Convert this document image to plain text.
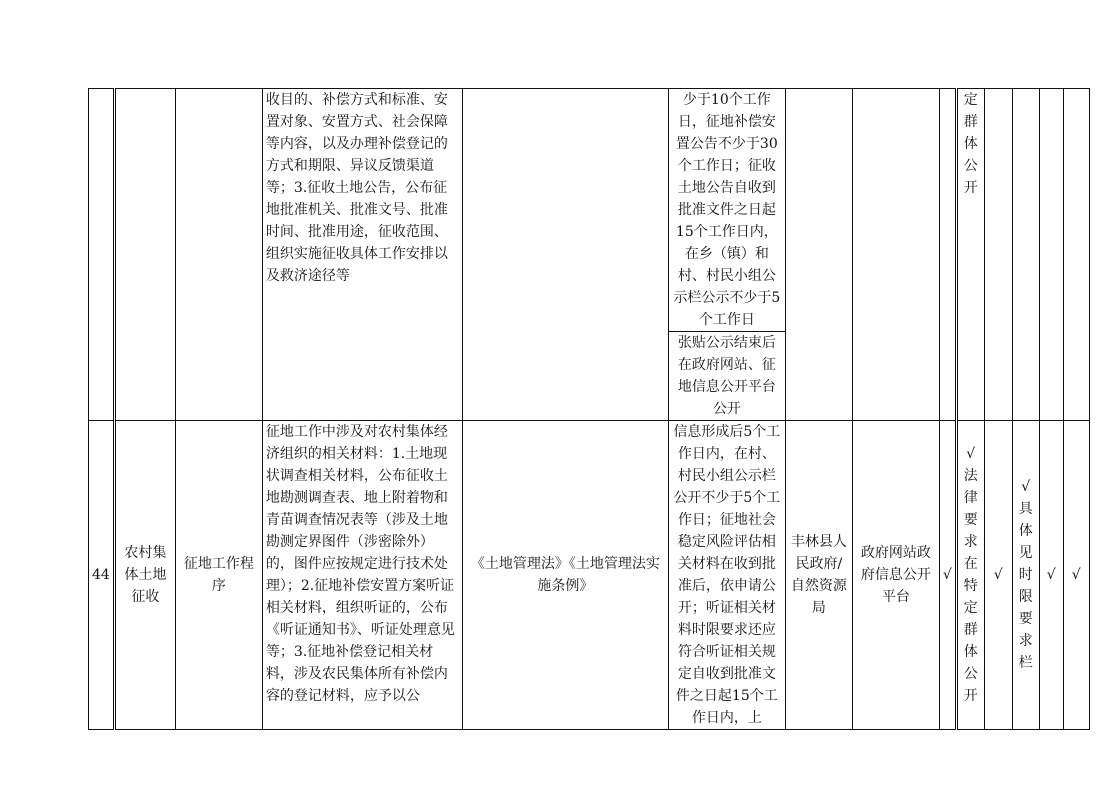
			收目的、补偿方式和标准、安置对象、安置方式、社会保障等内容，以及办理补偿登记的方式和期限、异议反馈渠道等；3.征收土地公告，公布征地批准机关、批准文号、批准时间、批准用途，征收范围、组织实施征收具体工作安排以及救济途径等		少于10个工作日，征地补偿安置公告不少于30个工作日；征收土地公告自收到批准文件之日起15个工作日内，在乡（镇）和村、村民小组公示栏公示不少于5个工作日				定群体公开				

					张贴公示结束后在政府网站、征地信息公开平台公开								
44	农村集体土地征收	征地工作程序	征地工作中涉及对农村集体经济组织的相关材料：1.土地现状调查相关材料，公布征收土地勘测调查表、地上附着物和青苗调查情况表等（涉及土地勘测定界图件（涉密除外）的，图件应按规定进行技术处理）；2.征地补偿安置方案听证相关材料，组织听证的，公布《听证通知书》、听证处理意见等；3.征地补偿登记相关材料，涉及农民集体所有补偿内容的登记材料，应予以公	《土地管理法》《土地管理法实施条例》	信息形成后5个工作日内，在村、村民小组公示栏公开不少于5个工作日；征地社会稳定风险评估相关材料在收到批准后，依申请公开；听证相关材料时限要求还应符合听证相关规定自收到批准文件之日起15个工作日内，上	丰林县人民政府/自然资源局	政府网站政府信息公开平台	√	√法律要求在特定群体公开	√	√具体见时限要求栏	√	√
